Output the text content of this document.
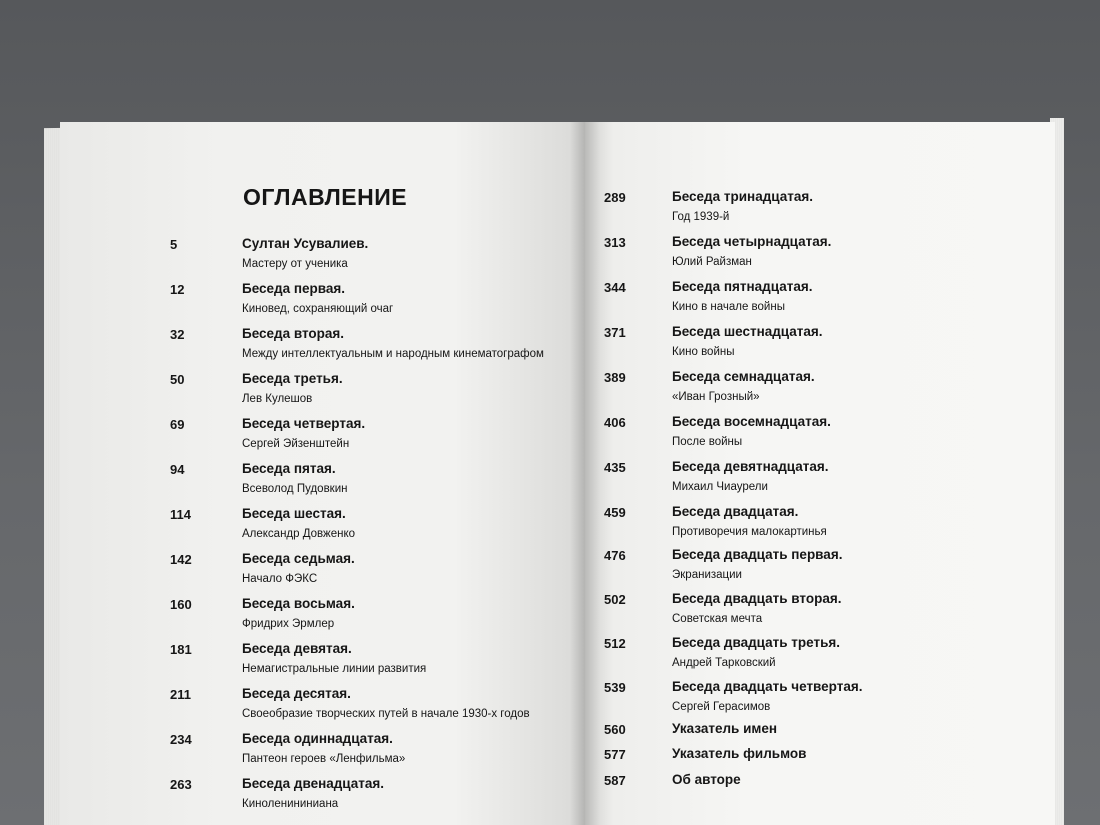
ОГЛАВЛЕНИЕ
5	Султан Усувалиев.
Мастеру от ученика
12	Беседа первая.
Киновед, сохраняющий очаг
32	Беседа вторая.
Между интеллектуальным и народным кинематографом
50	Беседа третья.
Лев Кулешов
69	Беседа четвертая.
Сергей Эйзенштейн
94	Беседа пятая.
Всеволод Пудовкин
114	Беседа шестая.
Александр Довженко
142	Беседа седьмая.
Начало ФЭКС
160	Беседа восьмая.
Фридрих Эрмлер
181	Беседа девятая.
Немагистральные линии развития
211	Беседа десятая.
Своеобразие творческих путей в начале 1930-х годов
234	Беседа одиннадцатая.
Пантеон героев «Ленфильма»
263	Беседа двенадцатая.
Киноленининиана
289	Беседа тринадцатая.
Год 1939-й
313	Беседа четырнадцатая.
Юлий Райзман
344	Беседа пятнадцатая.
Кино в начале войны
371	Беседа шестнадцатая.
Кино войны
389	Беседа семнадцатая.
«Иван Грозный»
406	Беседа восемнадцатая.
После войны
435	Беседа девятнадцатая.
Михаил Чиаурели
459	Беседа двадцатая.
Противоречия малокартинья
476	Беседа двадцать первая.
Экранизации
502	Беседа двадцать вторая.
Советская мечта
512	Беседа двадцать третья.
Андрей Тарковский
539	Беседа двадцать четвертая.
Сергей Герасимов
560	Указатель имен
577	Указатель фильмов
587	Об авторе
